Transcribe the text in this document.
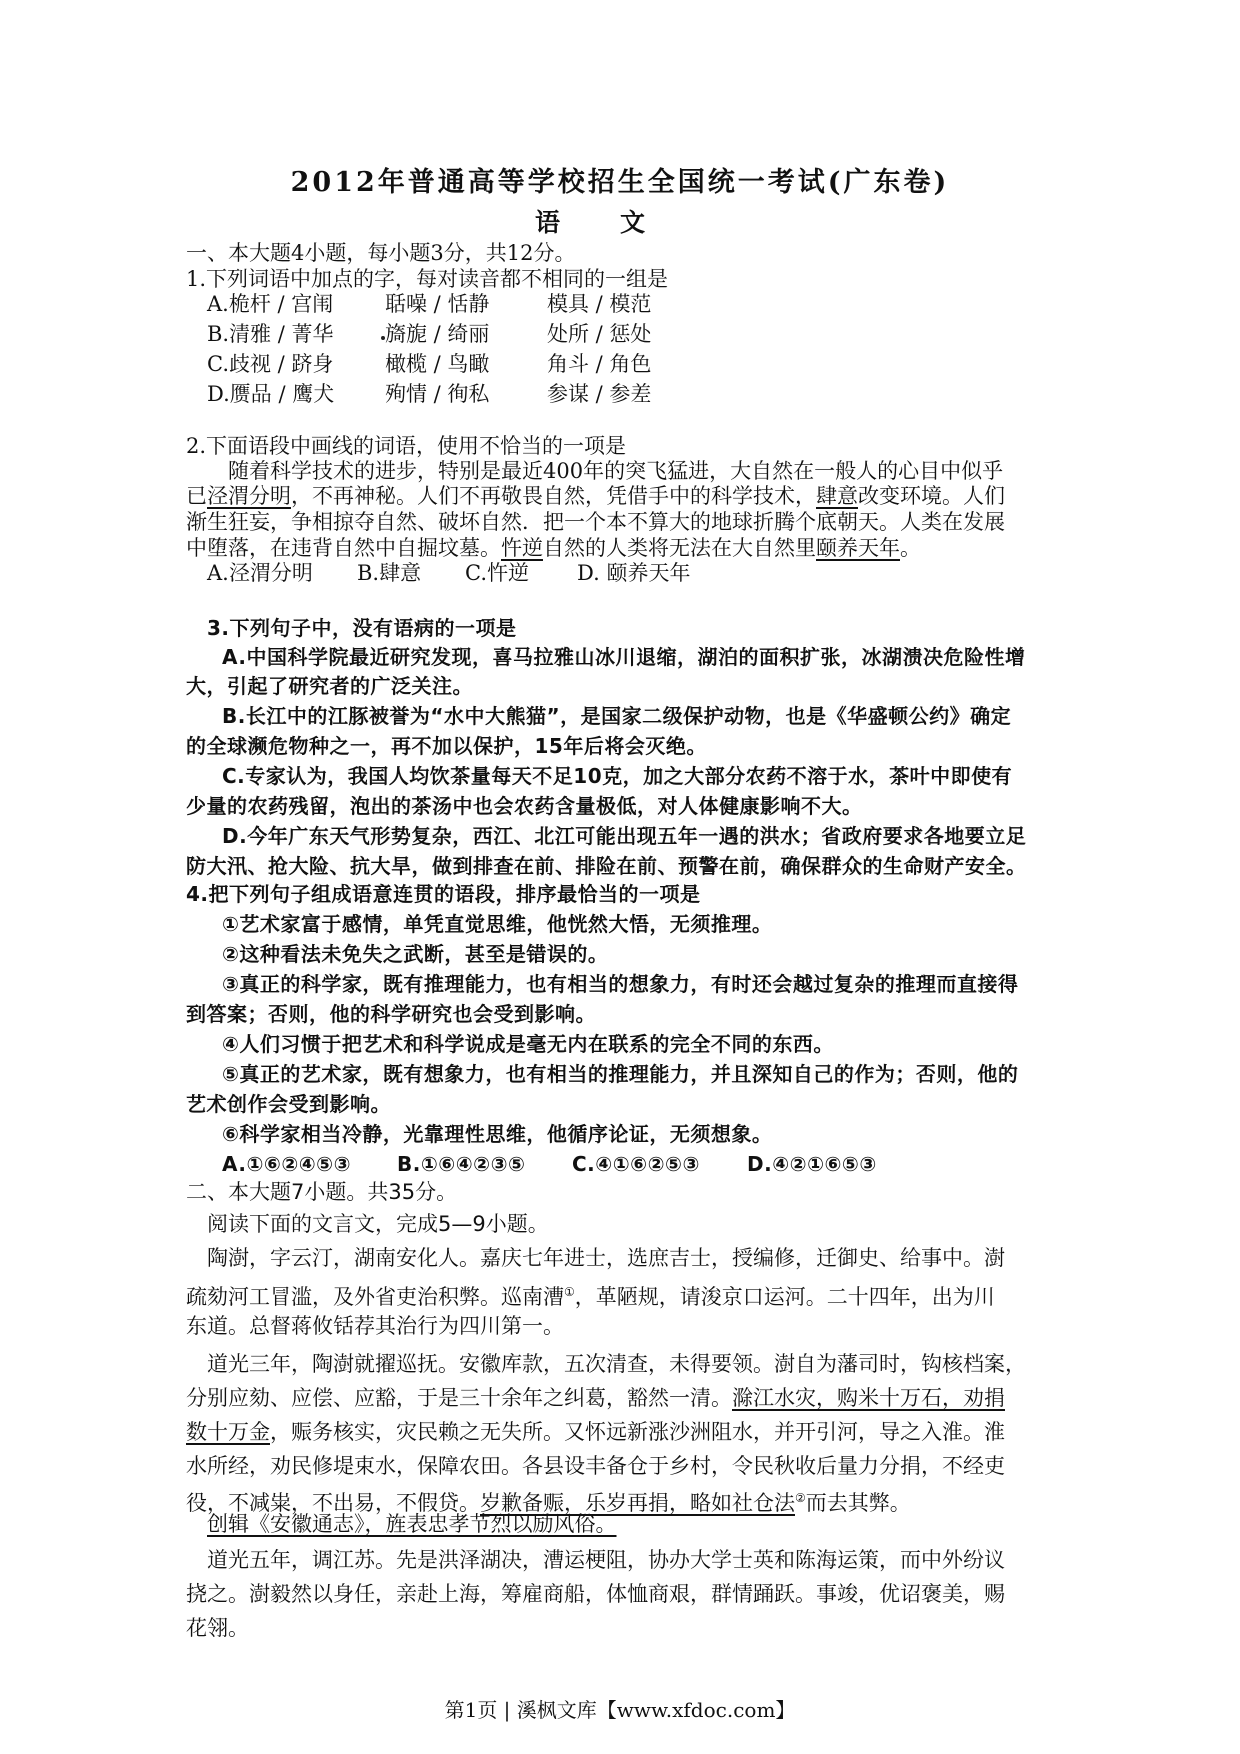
2012年普通高等学校招生全国统一考试(广东卷)
语文
一、本大题4小题，每小题3分，共12分。
1.下列词语中加点的字，每对读音都不相同的一组是
A.桅杆 / 宫闱 聒噪 / 恬静	模具 / 模范
B.清雅 / 菁华 旖旎 / 绮丽	处所 / 惩处
C.歧视 / 跻身 橄榄 / 鸟瞰	角斗 / 角色
D.赝品 / 鹰犬 殉情 / 徇私	参谋 / 参差
2.下面语段中画线的词语，使用不恰当的一项是
随着科学技术的进步，特别是最近400年的突飞猛进，大自然在一般人的心目中似乎
已泾渭分明，不再神秘。人们不再敬畏自然，凭借手中的科学技术，肆意改变环境。人们
渐生狂妄，争相掠夺自然、破坏自然．把一个本不算大的地球折腾个底朝天。人类在发展
中堕落，在违背自然中自掘坟墓。忤逆自然的人类将无法在大自然里颐养天年。
A.泾渭分明 B.肆意 C.忤逆 D. 颐养天年
3.下列句子中，没有语病的一项是
A.中国科学院最近研究发现，喜马拉雅山冰川退缩，湖泊的面积扩张，冰湖溃决危险性增
大，引起了研究者的广泛关注。
B.长江中的江豚被誉为“水中大熊猫”，是国家二级保护动物，也是《华盛顿公约》确定
的全球濒危物种之一，再不加以保护，15年后将会灭绝。
C.专家认为，我国人均饮茶量每天不足10克，加之大部分农药不溶于水，茶叶中即使有
少量的农药残留，泡出的茶汤中也会农药含量极低，对人体健康影响不大。
D.今年广东天气形势复杂，西江、北江可能出现五年一遇的洪水；省政府要求各地要立足
防大汛、抢大险、抗大旱，做到排查在前、排险在前、预警在前，确保群众的生命财产安全。
4.把下列句子组成语意连贯的语段，排序最恰当的一项是
①艺术家富于感情，单凭直觉思维，他恍然大悟，无须推理。
②这种看法未免失之武断，甚至是错误的。
③真正的科学家，既有推理能力，也有相当的想象力，有时还会越过复杂的推理而直接得
到答案；否则，他的科学研究也会受到影响。
④人们习惯于把艺术和科学说成是毫无内在联系的完全不同的东西。
⑤真正的艺术家，既有想象力，也有相当的推理能力，并且深知自己的作为；否则，他的
艺术创作会受到影响。
⑥科学家相当冷静，光靠理性思维，他循序论证，无须想象。
A.①⑥②④⑤③ B.①⑥④②③⑤ C.④①⑥②⑤③ D.④②①⑥⑤③
二、本大题7小题。共35分。
阅读下面的文言文，完成5—9小题。
陶澍，字云汀，湖南安化人。嘉庆七年进士，选庶吉士，授编修，迁御史、给事中。澍
疏劾河工冒滥，及外省吏治积弊。巡南漕①，革陋规，请浚京口运河。二十四年，出为川
东道。总督蒋攸铦荐其治行为四川第一。
道光三年，陶澍就擢巡抚。安徽库款，五次清查，未得要领。澍自为藩司时，钩核档案，
分别应劾、应偿、应豁，于是三十余年之纠葛，豁然一清。滁江水灾，购米十万石，劝捐
数十万金，赈务核实，灾民赖之无失所。又怀远新涨沙洲阻水，并开引河，导之入淮。淮
水所经，劝民修堤束水，保障农田。各县设丰备仓于乡村，令民秋收后量力分捐，不经吏
役，不减粜，不出易，不假贷。岁歉备赈，乐岁再捐，略如社仓法②而去其弊。
创辑《安徽通志》，旌表忠孝节烈以励风俗。
道光五年，调江苏。先是洪泽湖决，漕运梗阻，协办大学士英和陈海运策，而中外纷议
挠之。澍毅然以身任，亲赴上海，筹雇商船，体恤商艰，群情踊跃。事竣，优诏褒美，赐
花翎。
第1页 | 溪枫文库【www.xfdoc.com】
